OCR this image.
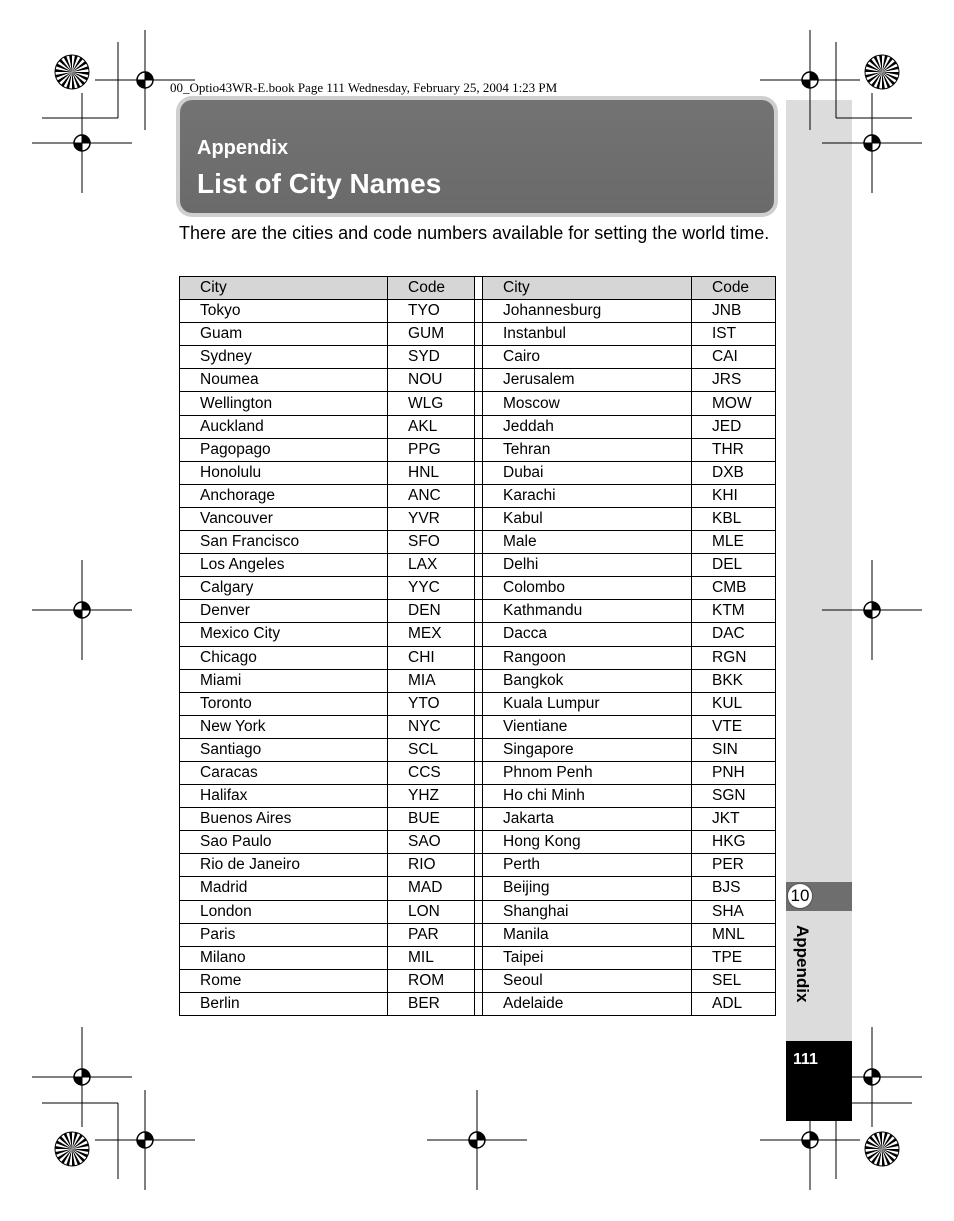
00_Optio43WR-E.book Page 111 Wednesday, February 25, 2004 1:23 PM
Appendix
List of City Names
There are the cities and code numbers available for setting the world time.
City	Code		City	Code
Tokyo	TYO		Johannesburg	JNB
Guam	GUM		Instanbul	IST
Sydney	SYD		Cairo	CAI
Noumea	NOU		Jerusalem	JRS
Wellington	WLG		Moscow	MOW
Auckland	AKL		Jeddah	JED
Pagopago	PPG		Tehran	THR
Honolulu	HNL		Dubai	DXB
Anchorage	ANC		Karachi	KHI
Vancouver	YVR		Kabul	KBL
San Francisco	SFO		Male	MLE
Los Angeles	LAX		Delhi	DEL
Calgary	YYC		Colombo	CMB
Denver	DEN		Kathmandu	KTM
Mexico City	MEX		Dacca	DAC
Chicago	CHI		Rangoon	RGN
Miami	MIA		Bangkok	BKK
Toronto	YTO		Kuala Lumpur	KUL
New York	NYC		Vientiane	VTE
Santiago	SCL		Singapore	SIN
Caracas	CCS		Phnom Penh	PNH
Halifax	YHZ		Ho chi Minh	SGN
Buenos Aires	BUE		Jakarta	JKT
Sao Paulo	SAO		Hong Kong	HKG
Rio de Janeiro	RIO		Perth	PER
Madrid	MAD		Beijing	BJS
London	LON		Shanghai	SHA
Paris	PAR		Manila	MNL
Milano	MIL		Taipei	TPE
Rome	ROM		Seoul	SEL
Berlin	BER		Adelaide	ADL
10
Appendix
111
